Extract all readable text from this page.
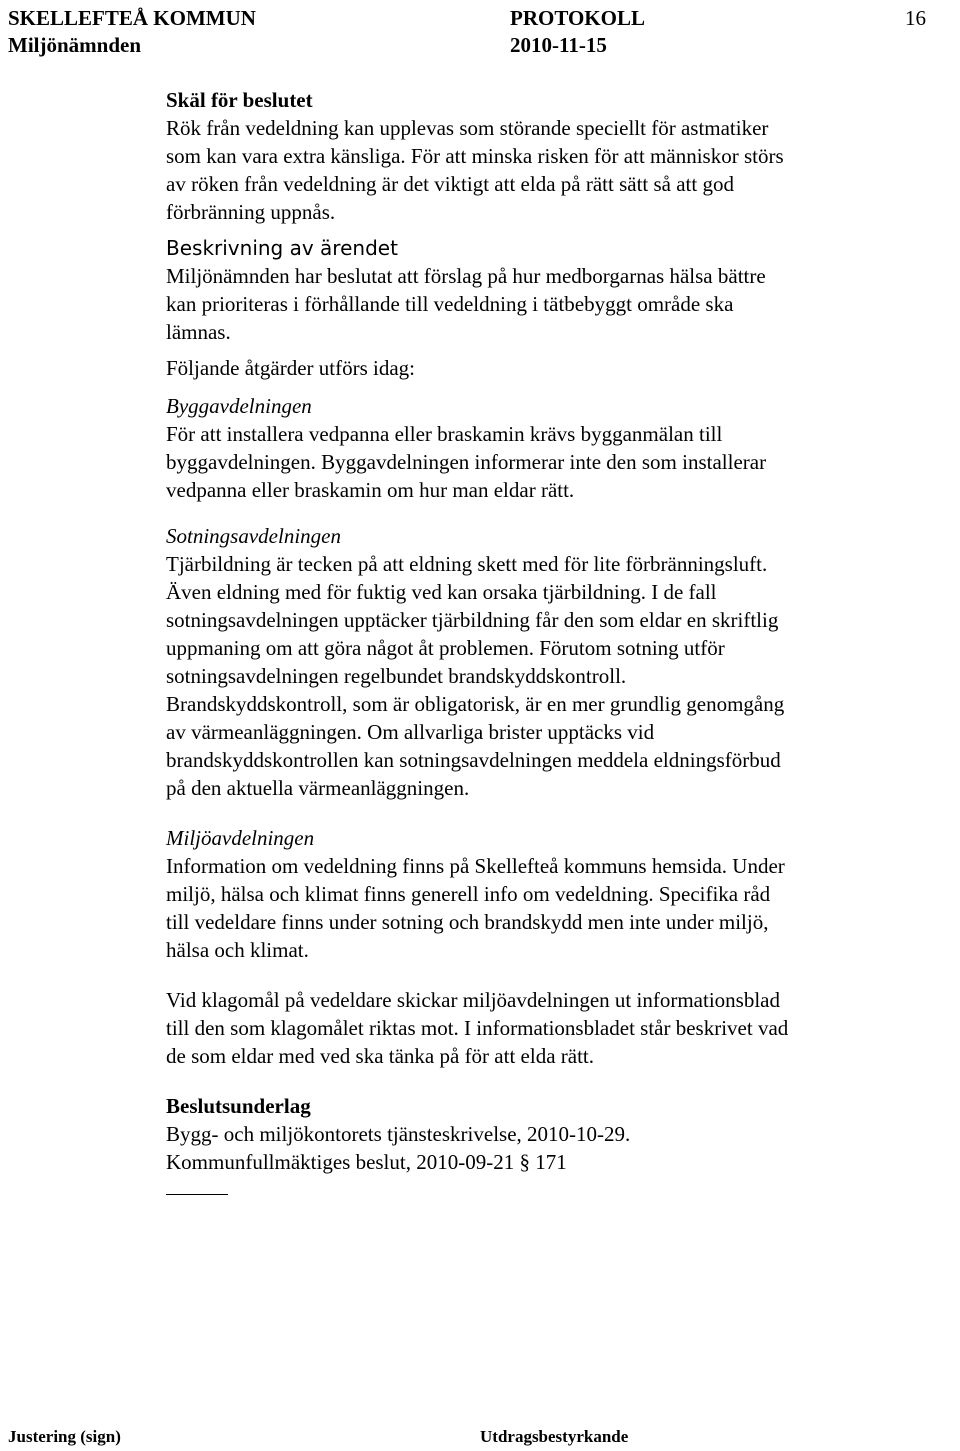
SKELLEFTEÅ KOMMUN
Miljönämnden
PROTOKOLL
2010-11-15
16
Skäl för beslutet
Rök från vedeldning kan upplevas som störande speciellt för astmatiker
som kan vara extra känsliga. För att minska risken för att människor störs
av röken från vedeldning är det viktigt att elda på rätt sätt så att god
förbränning uppnås.
Beskrivning av ärendet
Miljönämnden har beslutat att förslag på hur medborgarnas hälsa bättre
kan prioriteras i förhållande till vedeldning i tätbebyggt område ska
lämnas.
Följande åtgärder utförs idag:
Byggavdelningen
För att installera vedpanna eller braskamin krävs bygganmälan till
byggavdelningen. Byggavdelningen informerar inte den som installerar
vedpanna eller braskamin om hur man eldar rätt.
Sotningsavdelningen
Tjärbildning är tecken på att eldning skett med för lite förbränningsluft.
Även eldning med för fuktig ved kan orsaka tjärbildning. I de fall
sotningsavdelningen upptäcker tjärbildning får den som eldar en skriftlig
uppmaning om att göra något åt problemen. Förutom sotning utför
sotningsavdelningen regelbundet brandskyddskontroll.
Brandskyddskontroll, som är obligatorisk, är en mer grundlig genomgång
av värmeanläggningen. Om allvarliga brister upptäcks vid
brandskyddskontrollen kan sotningsavdelningen meddela eldningsförbud
på den aktuella värmeanläggningen.
Miljöavdelningen
Information om vedeldning finns på Skellefteå kommuns hemsida. Under
miljö, hälsa och klimat finns generell info om vedeldning. Specifika råd
till vedeldare finns under sotning och brandskydd men inte under miljö,
hälsa och klimat.
Vid klagomål på vedeldare skickar miljöavdelningen ut informationsblad
till den som klagomålet riktas mot. I informationsbladet står beskrivet vad
de som eldar med ved ska tänka på för att elda rätt.
Beslutsunderlag
Bygg- och miljökontorets tjänsteskrivelse, 2010-10-29.
Kommunfullmäktiges beslut, 2010-09-21 § 171
Justering (sign)	Utdragsbestyrkande
